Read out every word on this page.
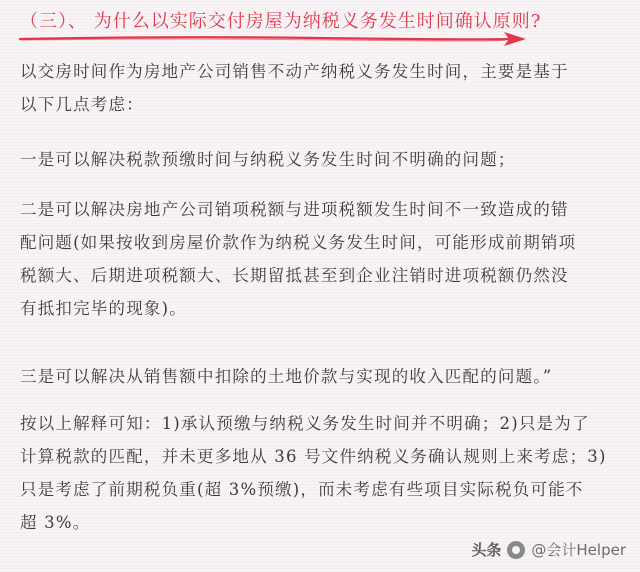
（三）、 为什么以实际交付房屋为纳税义务发生时间确认原则?
以交房时间作为房地产公司销售不动产纳税义务发生时间，主要是基于
以下几点考虑：
一是可以解决税款预缴时间与纳税义务发生时间不明确的问题；
二是可以解决房地产公司销项税额与进项税额发生时间不一致造成的错
配问题(如果按收到房屋价款作为纳税义务发生时间，可能形成前期销项
税额大、后期进项税额大、长期留抵甚至到企业注销时进项税额仍然没
有抵扣完毕的现象)。
三是可以解决从销售额中扣除的土地价款与实现的收入匹配的问题。”
按以上解释可知：1)承认预缴与纳税义务发生时间并不明确；2)只是为了
计算税款的匹配，并未更多地从 36 号文件纳税义务确认规则上来考虑；3)
只是考虑了前期税负重(超 3%预缴)，而未考虑有些项目实际税负可能不
超 3%。
头条 @会计Helper
